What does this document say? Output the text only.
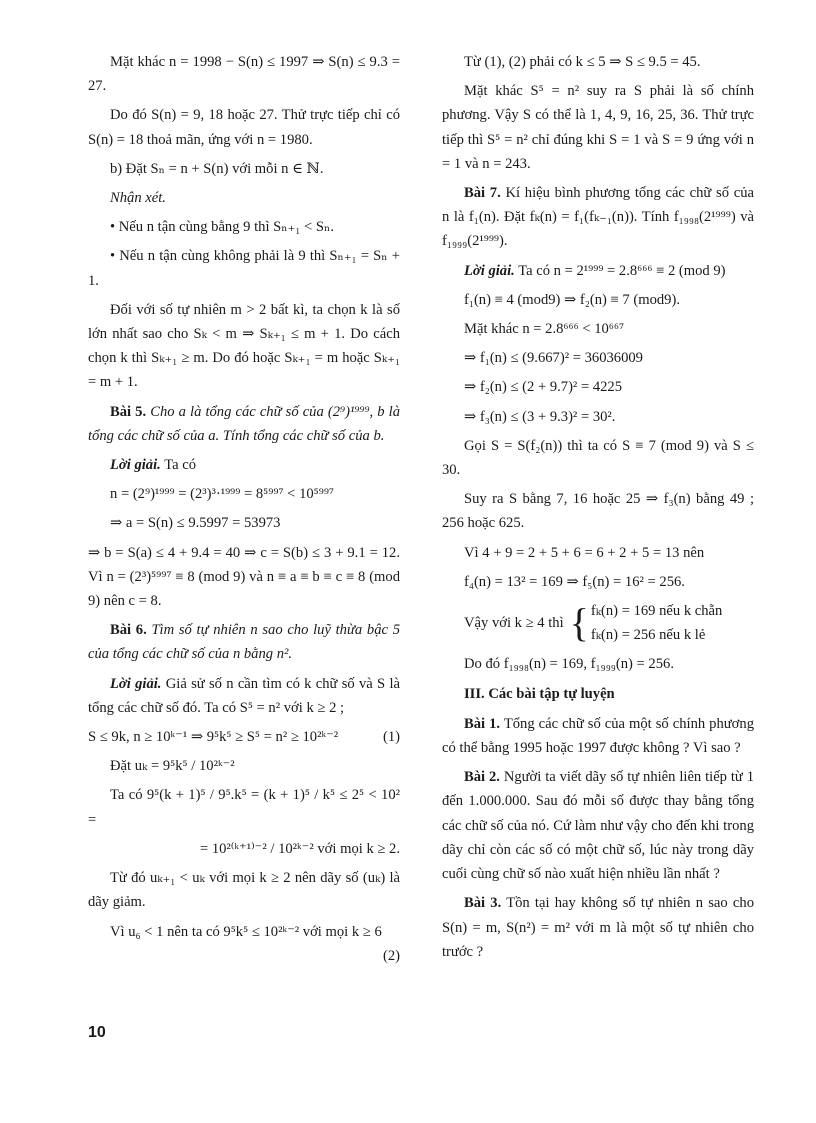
Mặt khác n = 1998 − S(n) ≤ 1997 ⇒ S(n) ≤ 9.3 = 27.

Do đó S(n) = 9, 18 hoặc 27. Thử trực tiếp chỉ có S(n) = 18 thoả mãn, ứng với n = 1980.

b) Đặt Sₙ = n + S(n) với mỗi n ∈ ℕ.

Nhận xét.

• Nếu n tận cùng bằng 9 thì Sₙ₊₁ < Sₙ.

• Nếu n tận cùng không phải là 9 thì Sₙ₊₁ = Sₙ + 1.

Đối với số tự nhiên m > 2 bất kì, ta chọn k là số lớn nhất sao cho Sₖ < m ⇒ Sₖ₊₁ ≤ m + 1. Do cách chọn k thì Sₖ₊₁ ≥ m. Do đó hoặc Sₖ₊₁ = m hoặc Sₖ₊₁ = m + 1.

Bài 5. Cho a là tổng các chữ số của (2⁹)¹⁹⁹⁹, b là tổng các chữ số của a. Tính tổng các chữ số của b.

Lời giải. Ta có

n = (2⁹)¹⁹⁹⁹ = (2³)³·¹⁹⁹⁹ = 8⁵⁹⁹⁷ < 10⁵⁹⁹⁷

⇒ a = S(n) ≤ 9.5997 = 53973

⇒ b = S(a) ≤ 4 + 9.4 = 40 ⇒ c = S(b) ≤ 3 + 9.1 = 12. Vì n = (2³)⁵⁹⁹⁷ ≡ 8 (mod 9) và n ≡ a ≡ b ≡ c ≡ 8 (mod 9) nên c = 8.

Bài 6. Tìm số tự nhiên n sao cho luỹ thừa bậc 5 của tổng các chữ số của n bằng n².

Lời giải. Giả sử số n cần tìm có k chữ số và S là tổng các chữ số đó. Ta có S⁵ = n² với k ≥ 2 ;

S ≤ 9k, n ≥ 10ᵏ⁻¹ ⇒ 9⁵k⁵ ≥ S⁵ = n² ≥ 10²ᵏ⁻²	(1)

Đặt uₖ = 9⁵k⁵ / 10²ᵏ⁻²

Ta có 9⁵(k + 1)⁵ / 9⁵.k⁵ = (k + 1)⁵ / k⁵ ≤ 2⁵ < 10² =

= 10²⁽ᵏ⁺¹⁾⁻² / 10²ᵏ⁻² với mọi k ≥ 2.

Từ đó uₖ₊₁ < uₖ với mọi k ≥ 2 nên dãy số (uₖ) là dãy giảm.

Vì u₆ < 1 nên ta có 9⁵k⁵ ≤ 10²ᵏ⁻² với mọi k ≥ 6
(2)

Từ (1), (2) phải có k ≤ 5 ⇒ S ≤ 9.5 = 45.

Mặt khác S⁵ = n² suy ra S phải là số chính phương. Vậy S có thể là 1, 4, 9, 16, 25, 36. Thử trực tiếp thì S⁵ = n² chỉ đúng khi S = 1 và S = 9 ứng với n = 1 và n = 243.

Bài 7. Kí hiệu bình phương tổng các chữ số của n là f₁(n). Đặt fₖ(n) = f₁(fₖ₋₁(n)). Tính f₁₉₉₈(2¹⁹⁹⁹) và f₁₉₉₉(2¹⁹⁹⁹).

Lời giải. Ta có n = 2¹⁹⁹⁹ = 2.8⁶⁶⁶ ≡ 2 (mod 9)

f₁(n) ≡ 4 (mod9) ⇒ f₂(n) ≡ 7 (mod9).

Mặt khác n = 2.8⁶⁶⁶ < 10⁶⁶⁷

⇒ f₁(n) ≤ (9.667)² = 36036009

⇒ f₂(n) ≤ (2 + 9.7)² = 4225

⇒ f₃(n) ≤ (3 + 9.3)² = 30².

Gọi S = S(f₂(n)) thì ta có S ≡ 7 (mod 9) và S ≤ 30.

Suy ra S bằng 7, 16 hoặc 25 ⇒ f₃(n) bằng 49 ; 256 hoặc 625.

Vì 4 + 9 = 2 + 5 + 6 = 6 + 2 + 5 = 13 nên

f₄(n) = 13² = 169 ⇒ f₅(n) = 16² = 256.

Vậy với k ≥ 4 thì { fₖ(n) = 169 nếu k chẵn
fₖ(n) = 256 nếu k lẻ

Do đó f₁₉₉₈(n) = 169, f₁₉₉₉(n) = 256.

III. Các bài tập tự luyện

Bài 1. Tổng các chữ số của một số chính phương có thể bằng 1995 hoặc 1997 được không ? Vì sao ?

Bài 2. Người ta viết dãy số tự nhiên liên tiếp từ 1 đến 1.000.000. Sau đó mỗi số được thay bằng tổng các chữ số của nó. Cứ làm như vậy cho đến khi trong dãy chỉ còn các số có một chữ số, lúc này trong dãy cuối cùng chữ số nào xuất hiện nhiều lần nhất ?

Bài 3. Tồn tại hay không số tự nhiên n sao cho S(n) = m, S(n²) = m² với m là một số tự nhiên cho trước ?

10
